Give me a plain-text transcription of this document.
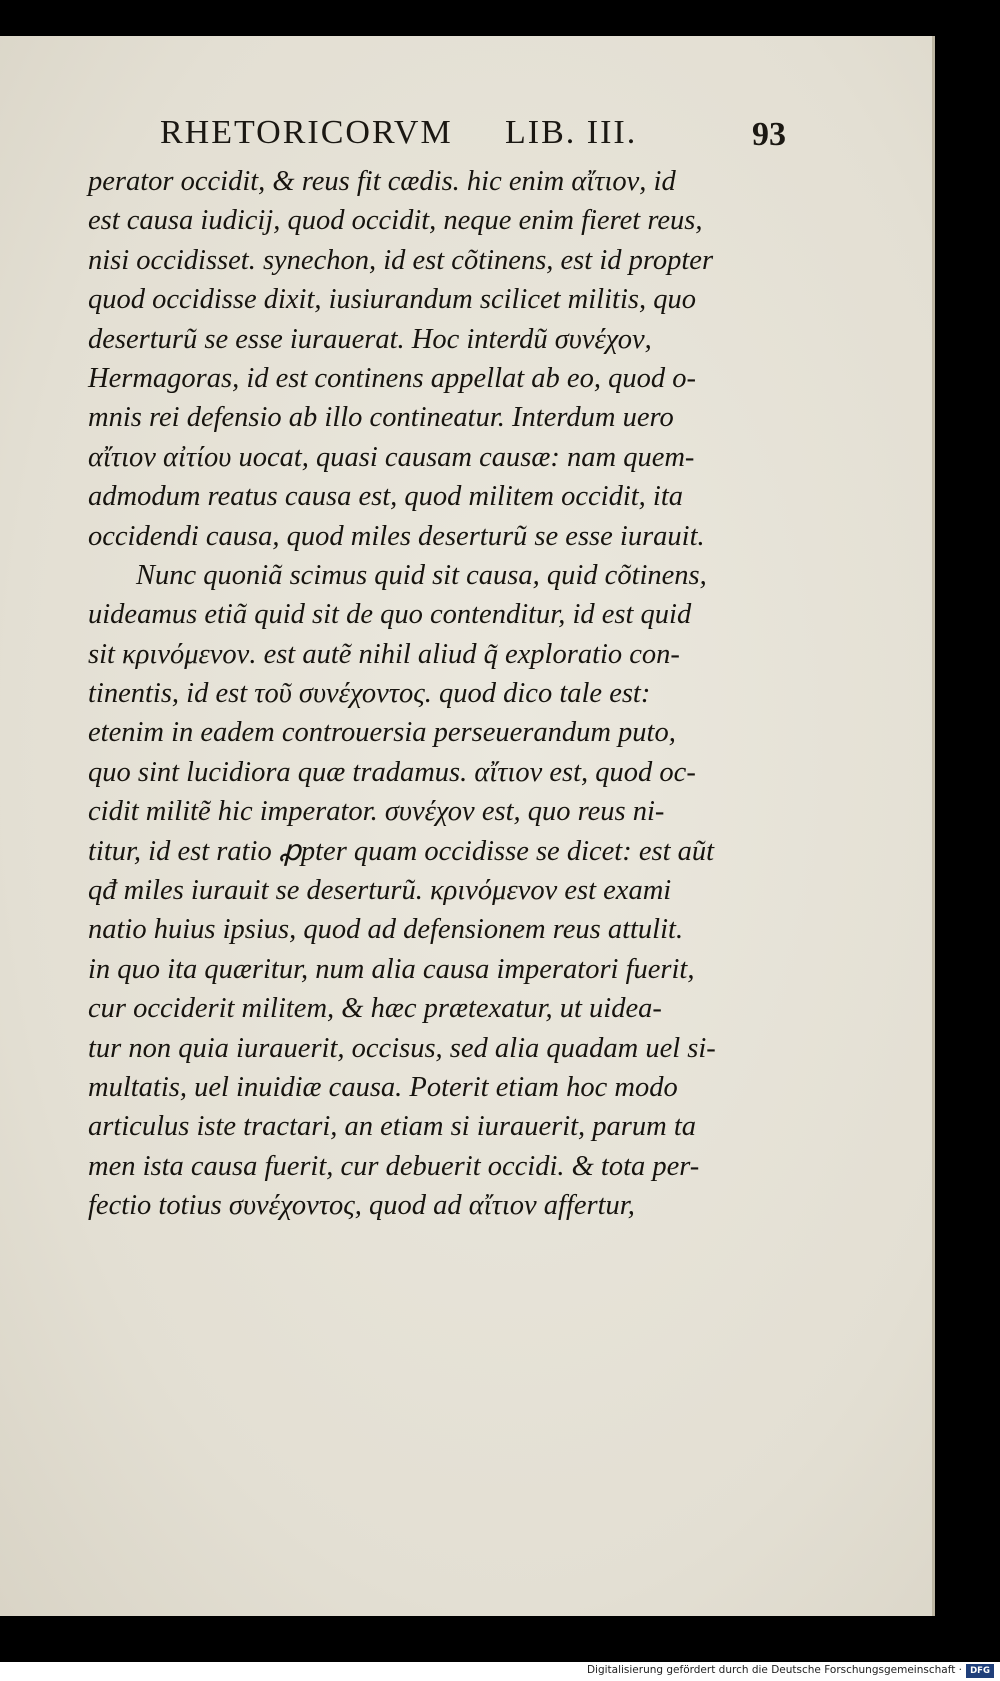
RHETORICORVM LIB. III.	93
perator occidit, & reus fit cædis. hic enim αἴτιον, id
est causa iudicij, quod occidit, neque enim fieret reus,
nisi occidisset. synechon, id est cõtinens, est id propter
quod occidisse dixit, iusiurandum scilicet militis, quo
deserturũ se esse iurauerat. Hoc interdũ συνέχον,
Hermagoras, id est continens appellat ab eo, quod o-
mnis rei defensio ab illo contineatur. Interdum uero
αἴτιον αἰτίου uocat, quasi causam causæ: nam quem-
admodum reatus causa est, quod militem occidit, ita
occidendi causa, quod miles deserturũ se esse iurauit.
Nunc quoniã scimus quid sit causa, quid cõtinens,
uideamus etiã quid sit de quo contenditur, id est quid
sit κρινόμενον. est autẽ nihil aliud q̃ exploratio con-
tinentis, id est τοῦ συνέχοντος. quod dico tale est:
etenim in eadem controuersia perseuerandum puto,
quo sint lucidiora quæ tradamus. αἴτιον est, quod oc-
cidit militẽ hic imperator. συνέχον est, quo reus ni-
titur, id est ratio ꝓpter quam occidisse se dicet: est aũt
qđ miles iurauit se deserturũ. κρινόμενον est exami
natio huius ipsius, quod ad defensionem reus attulit.
in quo ita quæritur, num alia causa imperatori fuerit,
cur occiderit militem, & hæc prætexatur, ut uidea-
tur non quia iurauerit, occisus, sed alia quadam uel si-
multatis, uel inuidiæ causa. Poterit etiam hoc modo
articulus iste tractari, an etiam si iurauerit, parum ta
men ista causa fuerit, cur debuerit occidi. & tota per-
fectio totius συνέχοντος, quod ad αἴτιον affertur,
Digitalisierung gefördert durch die Deutsche Forschungsgemeinschaft · DFG
